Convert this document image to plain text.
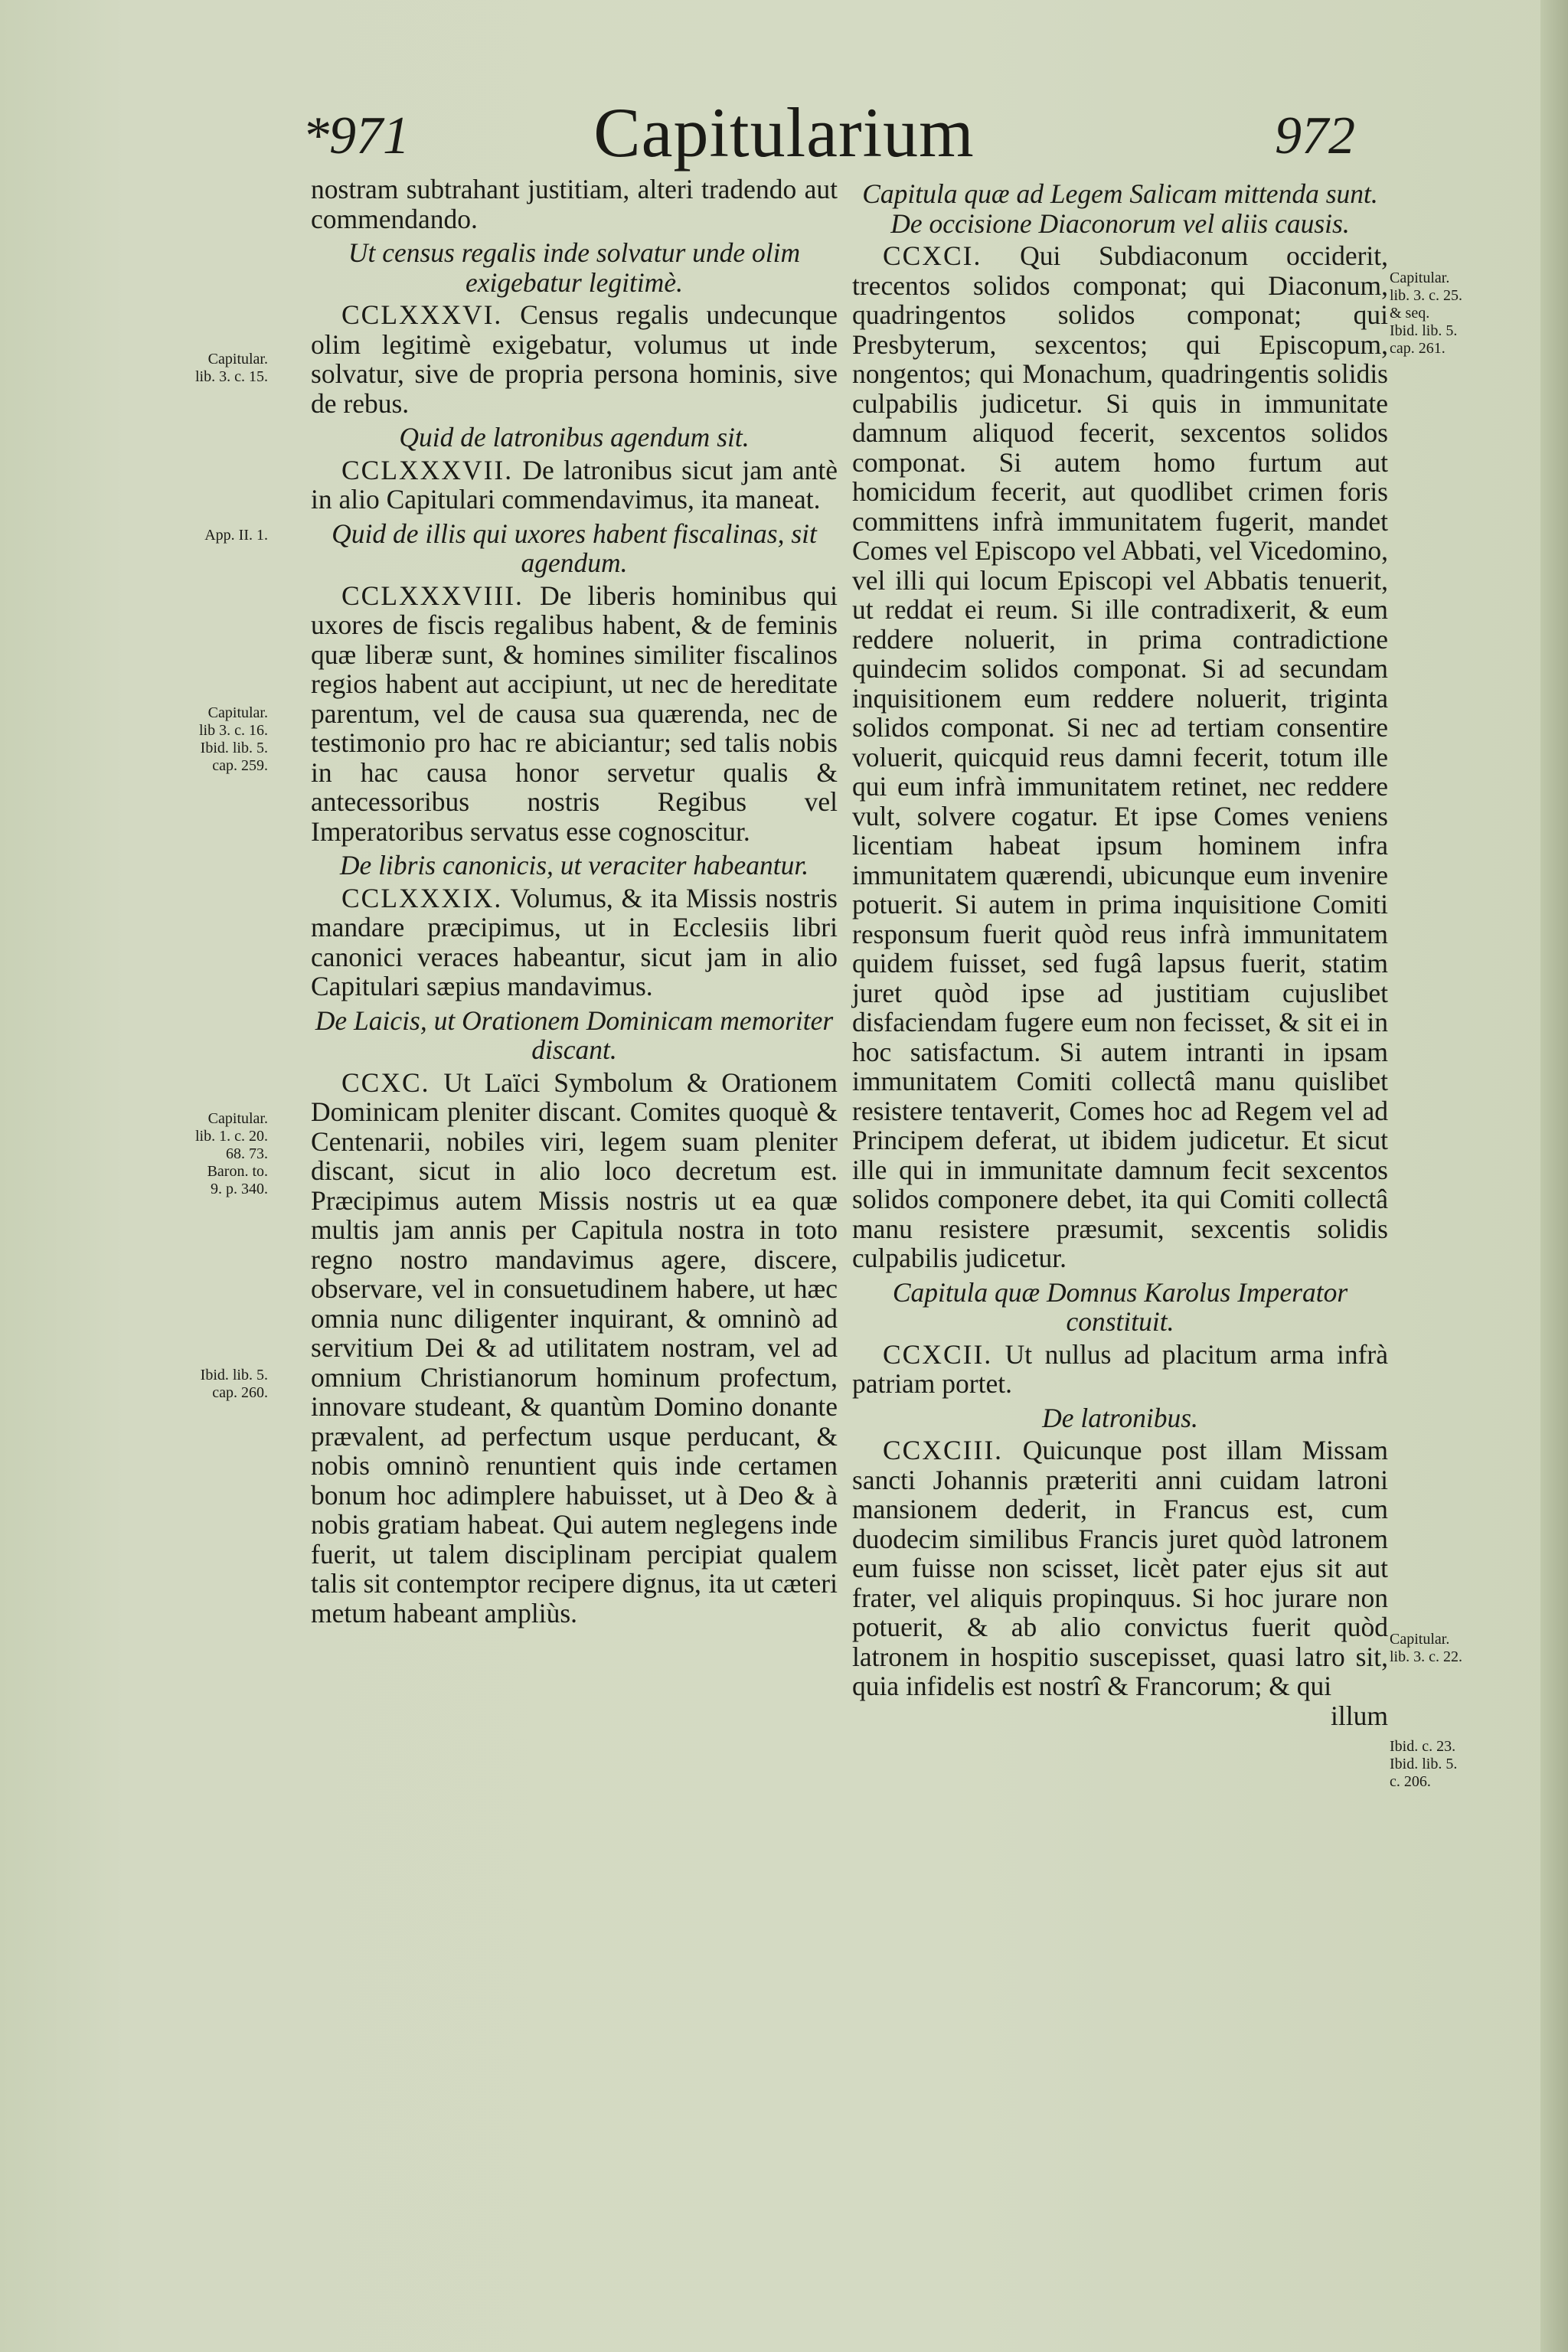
*971	Capitularium	972
Capitular.
lib. 3. c. 15.
App. II. 1.
Capitular.
lib 3. c. 16.
Ibid. lib. 5.
cap. 259.
Capitular.
lib. 1. c. 20.
68. 73.
Baron. to.
9. p. 340.
Ibid. lib. 5.
cap. 260.
Capitular.
lib. 3. c. 25.
& seq.
Ibid. lib. 5.
cap. 261.
Capitular.
lib. 3. c. 22.
Ibid. c. 23.
Ibid. lib. 5.
c. 206.

nostram subtrahant justitiam, alteri tradendo aut commendando.

Ut census regalis inde solvatur unde olim exigebatur legitimè.

CCLXXXVI. Census regalis undecunque olim legitimè exigebatur, volumus ut inde solvatur, sive de propria persona hominis, sive de rebus.

Quid de latronibus agendum sit.

CCLXXXVII. De latronibus sicut jam antè in alio Capitulari commendavimus, ita maneat.

Quid de illis qui uxores habent fiscalinas, sit agendum.

CCLXXXVIII. De liberis hominibus qui uxores de fiscis regalibus habent, & de feminis quæ liberæ sunt, & homines similiter fiscalinos regios habent aut accipiunt, ut nec de hereditate parentum, vel de causa sua quærenda, nec de testimonio pro hac re abiciantur; sed talis nobis in hac causa honor servetur qualis & antecessoribus nostris Regibus vel Imperatoribus servatus esse cognoscitur.

De libris canonicis, ut veraciter habeantur.

CCLXXXIX. Volumus, & ita Missis nostris mandare præcipimus, ut in Ecclesiis libri canonici veraces habeantur, sicut jam in alio Capitulari sæpius mandavimus.

De Laicis, ut Orationem Dominicam memoriter discant.

CCXC. Ut Laïci Symbolum & Orationem Dominicam pleniter discant. Comites quoquè & Centenarii, nobiles viri, legem suam pleniter discant, sicut in alio loco decretum est. Præcipimus autem Missis nostris ut ea quæ multis jam annis per Capitula nostra in toto regno nostro mandavimus agere, discere, observare, vel in consuetudinem habere, ut hæc omnia nunc diligenter inquirant, & omninò ad servitium Dei & ad utilitatem nostram, vel ad omnium Christianorum hominum profectum, innovare studeant, & quantùm Domino donante prævalent, ad perfectum usque perducant, & nobis omninò renuntient quis inde certamen bonum hoc adimplere habuisset, ut à Deo & à nobis gratiam habeat. Qui autem neglegens inde fuerit, ut talem disciplinam percipiat qualem talis sit contemptor recipere dignus, ita ut cæteri metum habeant ampliùs.

Capitula quæ ad Legem Salicam mittenda sunt. De occisione Diaconorum vel aliis causis.

CCXCI. Qui Subdiaconum occiderit, trecentos solidos componat; qui Diaconum, quadringentos solidos componat; qui Presbyterum, sexcentos; qui Episcopum, nongentos; qui Monachum, quadringentis solidis culpabilis judicetur. Si quis in immunitate damnum aliquod fecerit, sexcentos solidos componat. Si autem homo furtum aut homicidum fecerit, aut quodlibet crimen foris committens infrà immunitatem fugerit, mandet Comes vel Episcopo vel Abbati, vel Vicedomino, vel illi qui locum Episcopi vel Abbatis tenuerit, ut reddat ei reum. Si ille contradixerit, & eum reddere noluerit, in prima contradictione quindecim solidos componat. Si ad secundam inquisitionem eum reddere noluerit, triginta solidos componat. Si nec ad tertiam consentire voluerit, quicquid reus damni fecerit, totum ille qui eum infrà immunitatem retinet, nec reddere vult, solvere cogatur. Et ipse Comes veniens licentiam habeat ipsum hominem infra immunitatem quærendi, ubicunque eum invenire potuerit. Si autem in prima inquisitione Comiti responsum fuerit quòd reus infrà immunitatem quidem fuisset, sed fugâ lapsus fuerit, statim juret quòd ipse ad justitiam cujuslibet disfaciendam fugere eum non fecisset, & sit ei in hoc satisfactum. Si autem intranti in ipsam immunitatem Comiti collectâ manu quislibet resistere tentaverit, Comes hoc ad Regem vel ad Principem deferat, ut ibidem judicetur. Et sicut ille qui in immunitate damnum fecit sexcentos solidos componere debet, ita qui Comiti collectâ manu resistere præsumit, sexcentis solidis culpabilis judicetur.

Capitula quæ Domnus Karolus Imperator constituit.

CCXCII. Ut nullus ad placitum arma infrà patriam portet.

De latronibus.

CCXCIII. Quicunque post illam Missam sancti Johannis præteriti anni cuidam latroni mansionem dederit, in Francus est, cum duodecim similibus Francis juret quòd latronem eum fuisse non scisset, licèt pater ejus sit aut frater, vel aliquis propinquus. Si hoc jurare non potuerit, & ab alio convictus fuerit quòd latronem in hospitio suscepisset, quasi latro sit, quia infidelis est nostrî & Francorum; & qui

illum
